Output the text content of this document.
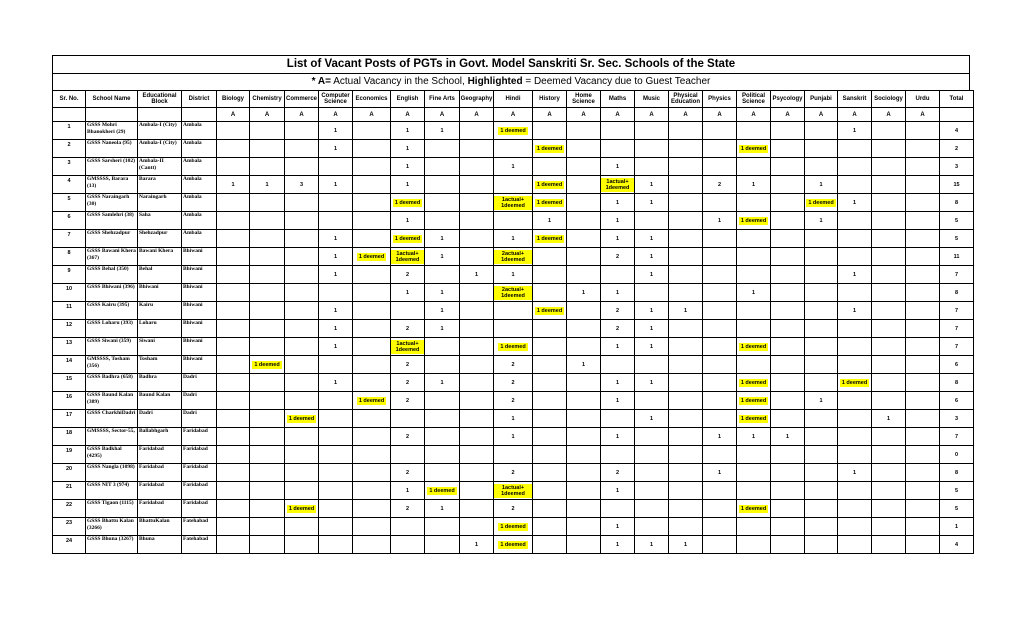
List of Vacant Posts of PGTs in Govt. Model Sanskriti Sr. Sec. Schools of the State
* A= Actual Vacancy in the School, Highlighted = Deemed Vacancy due to Guest Teacher
Sr. No.	School Name	Educational Block	District	Biology	Chemistry	Commerce	Computer Science	Economics	English	Fine Arts	Geography	Hindi	History	Home Science	Maths	Music	Physical Education	Physics	Political Science	Psycology	Punjabi	Sanskrit	Sociology	Urdu	Total
				A	A	A	A	A	A	A	A	A	A	A	A	A	A	A	A	A	A	A	A	A	
1	GSSS Mohri Bhanokheri (29)	Ambala-I (City)	Ambala				1		1	1		1 deemed										1			4
2	GSSS Naneola (95)	Ambala-I (City)	Ambala				1		1				1 deemed						1 deemed						2
3	GSSS Sarsheri (102)	Ambala-II (Cantt)	Ambala						1			1			1										3
4	GMSSSS, Barara (13)	Barara	Ambala	1	1	3	1		1				1 deemed		1actual+ 1deemed	1		2	1		1				15
5	GSSS Naraingarh (30)	Naraingarh	Ambala						1 deemed			1actual+ 1deemed	1 deemed		1	1					1 deemed	1			8
6	GSSS Samlehri (38)	Saha	Ambala						1				1		1			1	1 deemed		1				5
7	GSSS Shehzadpur	Shehzadpur	Ambala				1		1 deemed	1		1	1 deemed		1	1									5
8	GSSS Bawani Khera (367)	Bawani Khera	Bhiwani				1	1 deemed	1actual+ 1deemed	1		2actual+ 1deemed			2	1									11
9	GSSS Behal (350)	Behal	Bhiwani				1		2		1	1				1						1			7
10	GSSS Bhiwani (396)	Bhiwani	Bhiwani						1	1		2actual+ 1deemed		1	1				1						8
11	GSSS Kairu (395)	Kairu	Bhiwani				1			1			1 deemed		2	1	1					1			7
12	GSSS Loharu (393)	Loharu	Bhiwani				1		2	1					2	1									7
13	GSSS Siwani (359)	Siwani	Bhiwani				1		1actual+ 1deemed			1 deemed			1	1			1 deemed						7
14	GMSSSS, Tosham (356)	Tosham	Bhiwani		1 deemed				2			2		1											6
15	GSSS Badhra (658)	Badhra	Dadri				1		2	1		2			1	1			1 deemed			1 deemed			8
16	GSSS Baund Kalan (389)	Baund Kalan	Dadri					1 deemed	2			2			1				1 deemed		1				6
17	GSSS CharkhiDadri	Dadri	Dadri			1 deemed						1				1			1 deemed				1		3
18	GMSSSS, Sector-55,	Ballabhgarh	Faridabad						2			1			1			1	1	1					7
19	GSSS Badkhal (4295)	Faridabad	Faridabad																						0
20	GSSS Nangla (1098)	Faridabad	Faridabad						2			2			2			1				1			8
21	GSSS NIT 3 (974)	Faridabad	Faridabad						1	1 deemed		1actual+ 1deemed			1										5
22	GSSS Tigaon (1115)	Faridabad	Faridabad			1 deemed			2	1		2							1 deemed						5
23	GSSS Bhattu Kalan (3266)	BhattuKalan	Fatehabad									1 deemed			1										1
24	GSSS Bhuna (3267)	Bhuna	Fatehabad								1	1 deemed			1	1	1								4
